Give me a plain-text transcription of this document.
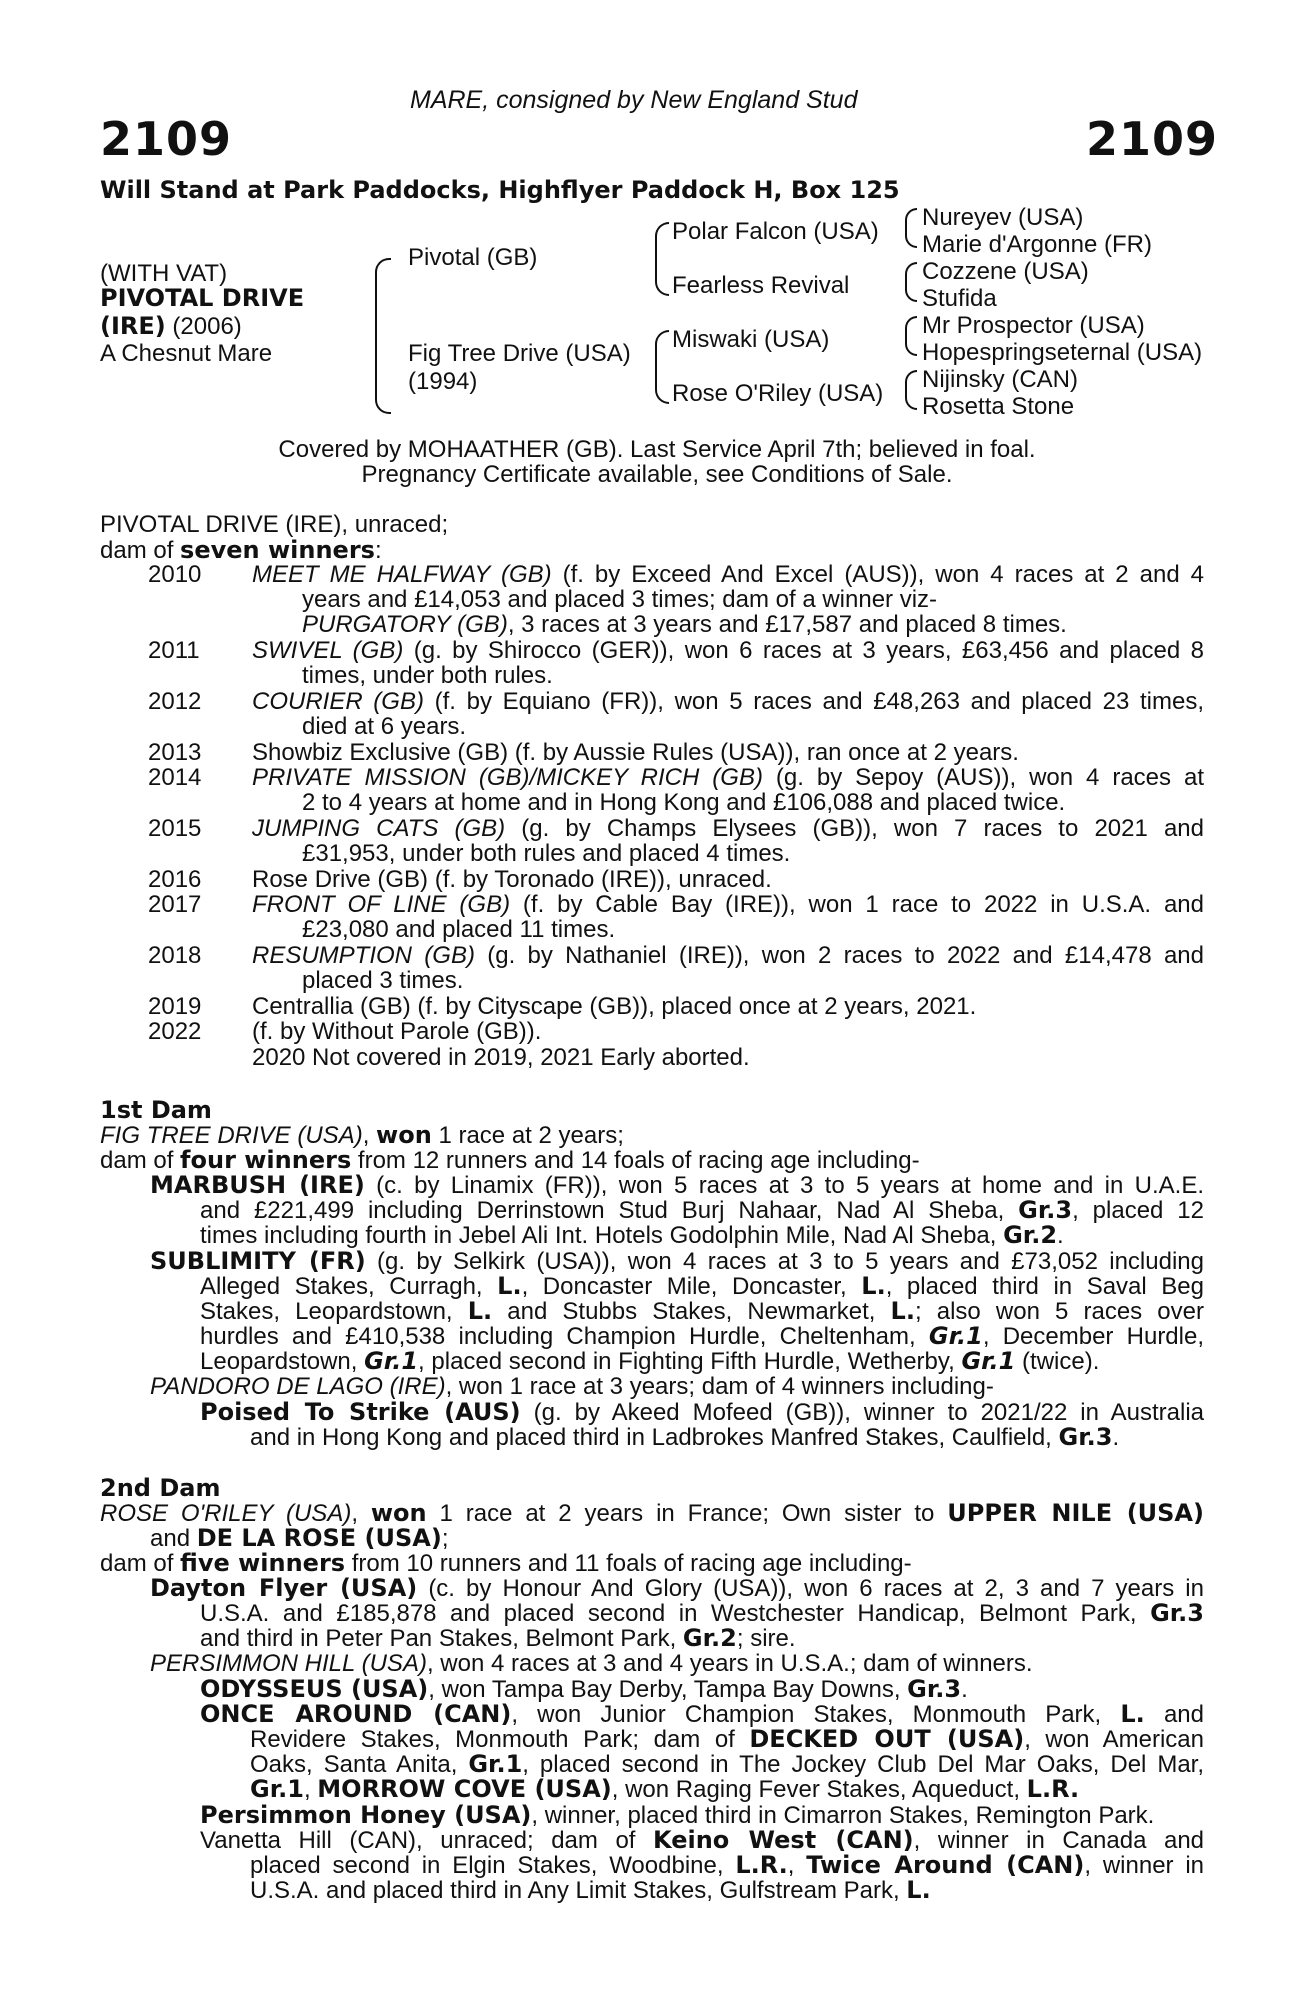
MARE, consigned by New England Stud
2109	2109
Will Stand at Park Paddocks, Highflyer Paddock H, Box 125
(WITH VAT)
PIVOTAL DRIVE
(IRE) (2006)
A Chesnut Mare
Pivotal (GB)
Fig Tree Drive (USA)
(1994)
Polar Falcon (USA)
Fearless Revival
Miswaki (USA)
Rose O'Riley (USA)
Nureyev (USA)
Marie d'Argonne (FR)
Cozzene (USA)
Stufida
Mr Prospector (USA)
Hopespringseternal (USA)
Nijinsky (CAN)
Rosetta Stone
Covered by MOHAATHER (GB). Last Service April 7th; believed in foal.
Pregnancy Certificate available, see Conditions of Sale.
PIVOTAL DRIVE (IRE), unraced;
dam of seven winners:
2010 MEET ME HALFWAY (GB) (f. by Exceed And Excel (AUS)), won 4 races at 2 and 4
years and £14,053 and placed 3 times; dam of a winner viz-
PURGATORY (GB), 3 races at 3 years and £17,587 and placed 8 times.
2011 SWIVEL (GB) (g. by Shirocco (GER)), won 6 races at 3 years, £63,456 and placed 8
times, under both rules.
2012 COURIER (GB) (f. by Equiano (FR)), won 5 races and £48,263 and placed 23 times,
died at 6 years.
2013 Showbiz Exclusive (GB) (f. by Aussie Rules (USA)), ran once at 2 years.
2014 PRIVATE MISSION (GB)/MICKEY RICH (GB) (g. by Sepoy (AUS)), won 4 races at
2 to 4 years at home and in Hong Kong and £106,088 and placed twice.
2015 JUMPING CATS (GB) (g. by Champs Elysees (GB)), won 7 races to 2021 and
£31,953, under both rules and placed 4 times.
2016 Rose Drive (GB) (f. by Toronado (IRE)), unraced.
2017 FRONT OF LINE (GB) (f. by Cable Bay (IRE)), won 1 race to 2022 in U.S.A. and
£23,080 and placed 11 times.
2018 RESUMPTION (GB) (g. by Nathaniel (IRE)), won 2 races to 2022 and £14,478 and
placed 3 times.
2019 Centrallia (GB) (f. by Cityscape (GB)), placed once at 2 years, 2021.
2022 (f. by Without Parole (GB)).
2020 Not covered in 2019, 2021 Early aborted.
1st Dam
FIG TREE DRIVE (USA), won 1 race at 2 years;
dam of four winners from 12 runners and 14 foals of racing age including-
MARBUSH (IRE) (c. by Linamix (FR)), won 5 races at 3 to 5 years at home and in U.A.E.
and £221,499 including Derrinstown Stud Burj Nahaar, Nad Al Sheba, Gr.3, placed 12
times including fourth in Jebel Ali Int. Hotels Godolphin Mile, Nad Al Sheba, Gr.2.
SUBLIMITY (FR) (g. by Selkirk (USA)), won 4 races at 3 to 5 years and £73,052 including
Alleged Stakes, Curragh, L., Doncaster Mile, Doncaster, L., placed third in Saval Beg
Stakes, Leopardstown, L. and Stubbs Stakes, Newmarket, L.; also won 5 races over
hurdles and £410,538 including Champion Hurdle, Cheltenham, Gr.1, December Hurdle,
Leopardstown, Gr.1, placed second in Fighting Fifth Hurdle, Wetherby, Gr.1 (twice).
PANDORO DE LAGO (IRE), won 1 race at 3 years; dam of 4 winners including-
Poised To Strike (AUS) (g. by Akeed Mofeed (GB)), winner to 2021/22 in Australia
and in Hong Kong and placed third in Ladbrokes Manfred Stakes, Caulfield, Gr.3.
2nd Dam
ROSE O'RILEY (USA), won 1 race at 2 years in France; Own sister to UPPER NILE (USA)
and DE LA ROSE (USA);
dam of five winners from 10 runners and 11 foals of racing age including-
Dayton Flyer (USA) (c. by Honour And Glory (USA)), won 6 races at 2, 3 and 7 years in
U.S.A. and £185,878 and placed second in Westchester Handicap, Belmont Park, Gr.3
and third in Peter Pan Stakes, Belmont Park, Gr.2; sire.
PERSIMMON HILL (USA), won 4 races at 3 and 4 years in U.S.A.; dam of winners.
ODYSSEUS (USA), won Tampa Bay Derby, Tampa Bay Downs, Gr.3.
ONCE AROUND (CAN), won Junior Champion Stakes, Monmouth Park, L. and
Revidere Stakes, Monmouth Park; dam of DECKED OUT (USA), won American
Oaks, Santa Anita, Gr.1, placed second in The Jockey Club Del Mar Oaks, Del Mar,
Gr.1, MORROW COVE (USA), won Raging Fever Stakes, Aqueduct, L.R.
Persimmon Honey (USA), winner, placed third in Cimarron Stakes, Remington Park.
Vanetta Hill (CAN), unraced; dam of Keino West (CAN), winner in Canada and
placed second in Elgin Stakes, Woodbine, L.R., Twice Around (CAN), winner in
U.S.A. and placed third in Any Limit Stakes, Gulfstream Park, L.
